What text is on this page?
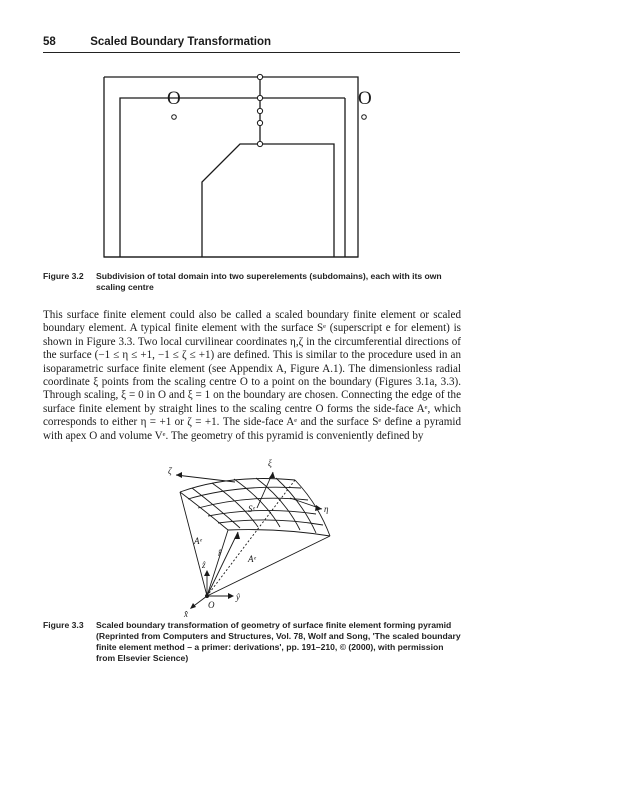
58	Scaled Boundary Transformation
O	O
Figure 3.2 Subdivision of total domain into two superelements (subdomains), each with its own scaling centre

This surface finite element could also be called a scaled boundary finite element or scaled boundary element. A typical finite element with the surface Sᵉ (superscript e for element) is shown in Figure 3.3. Two local curvilinear coordinates η,ζ in the circumferential directions of the surface (−1 ≤ η ≤ +1, −1 ≤ ζ ≤ +1) are defined. This is similar to the procedure used in an isoparametric surface finite element (see Appendix A, Figure A.1). The dimensionless radial coordinate ξ points from the scaling centre O to a point on the boundary (Figures 3.1a, 3.3). Through scaling, ξ = 0 in O and ξ = 1 on the boundary are chosen. Connecting the edge of the surface finite element by straight lines to the scaling centre O forms the side-face Aᵉ, which corresponds to either η = +1 or ζ = +1. The side-face Aᵉ and the surface Sᵉ define a pyramid with apex O and volume Vᵉ. The geometry of this pyramid is conveniently defined by

ξ
ζ
η
Sᵉ
Aᵉ
Aᵉ
r̂
ẑ
ŷ
x̂
O
Figure 3.3 Scaled boundary transformation of geometry of surface finite element forming pyramid (Reprinted from Computers and Structures, Vol. 78, Wolf and Song, 'The scaled boundary finite element method – a primer: derivations', pp. 191–210, © (2000), with permission from Elsevier Science)
